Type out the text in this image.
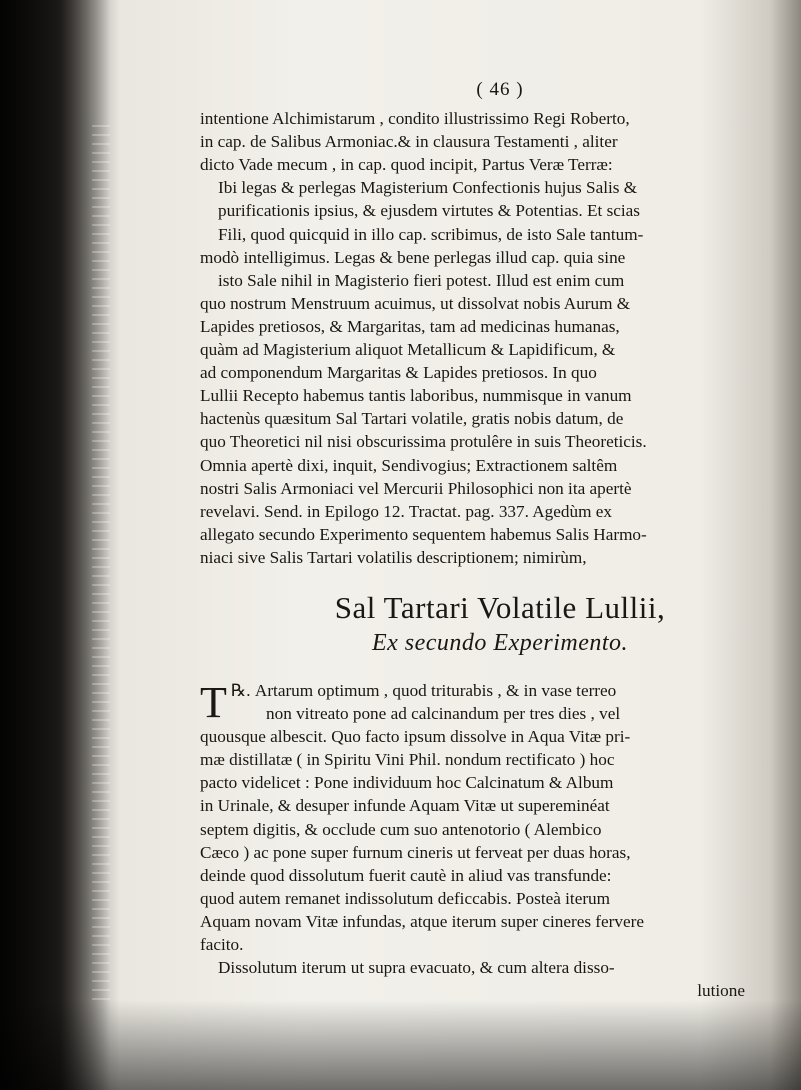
( 46 )
intentione Alchimistarum , condito illustrissimo Regi Roberto,
in cap. de Salibus Armoniac.& in clausura Testamenti , aliter
dicto Vade mecum , in cap. quod incipit, Partus Veræ Terræ:
Ibi legas & perlegas Magisterium Confectionis hujus Salis &
purificationis ipsius, & ejusdem virtutes & Potentias. Et scias
Fili, quod quicquid in illo cap. scribimus, de isto Sale tantum-
modò intelligimus. Legas & bene perlegas illud cap. quia sine
isto Sale nihil in Magisterio fieri potest. Illud est enim cum
quo nostrum Menstruum acuimus, ut dissolvat nobis Aurum &
Lapides pretiosos, & Margaritas, tam ad medicinas humanas,
quàm ad Magisterium aliquot Metallicum & Lapidificum, &
ad componendum Margaritas & Lapides pretiosos. In quo
Lullii Recepto habemus tantis laboribus, nummisque in vanum
hactenùs quæsitum Sal Tartari volatile, gratis nobis datum, de
quo Theoretici nil nisi obscurissima protulêre in suis Theoreticis.
Omnia apertè dixi, inquit, Sendivogius; Extractionem saltêm
nostri Salis Armoniaci vel Mercurii Philosophici non ita apertè
revelavi. Send. in Epilogo 12. Tractat. pag. 337. Agedùm ex
allegato secundo Experimento sequentem habemus Salis Harmo-
niaci sive Salis Tartari volatilis descriptionem; nimirùm,
Sal Tartari Volatile Lullii,
Ex secundo Experimento.
℞.
T Artarum optimum , quod triturabis , & in vase terreo
non vitreato pone ad calcinandum per tres dies , vel
quousque albescit. Quo facto ipsum dissolve in Aqua Vitæ pri-
mæ distillatæ ( in Spiritu Vini Phil. nondum rectificato ) hoc
pacto videlicet : Pone individuum hoc Calcinatum & Album
in Urinale, & desuper infunde Aquam Vitæ ut supereminéat
septem digitis, & occlude cum suo antenotorio ( Alembico
Cæco ) ac pone super furnum cineris ut ferveat per duas horas,
deinde quod dissolutum fuerit cautè in aliud vas transfunde:
quod autem remanet indissolutum deficcabis. Posteà iterum
Aquam novam Vitæ infundas, atque iterum super cineres fervere
facito.
Dissolutum iterum ut supra evacuato, & cum altera disso-
lutione
